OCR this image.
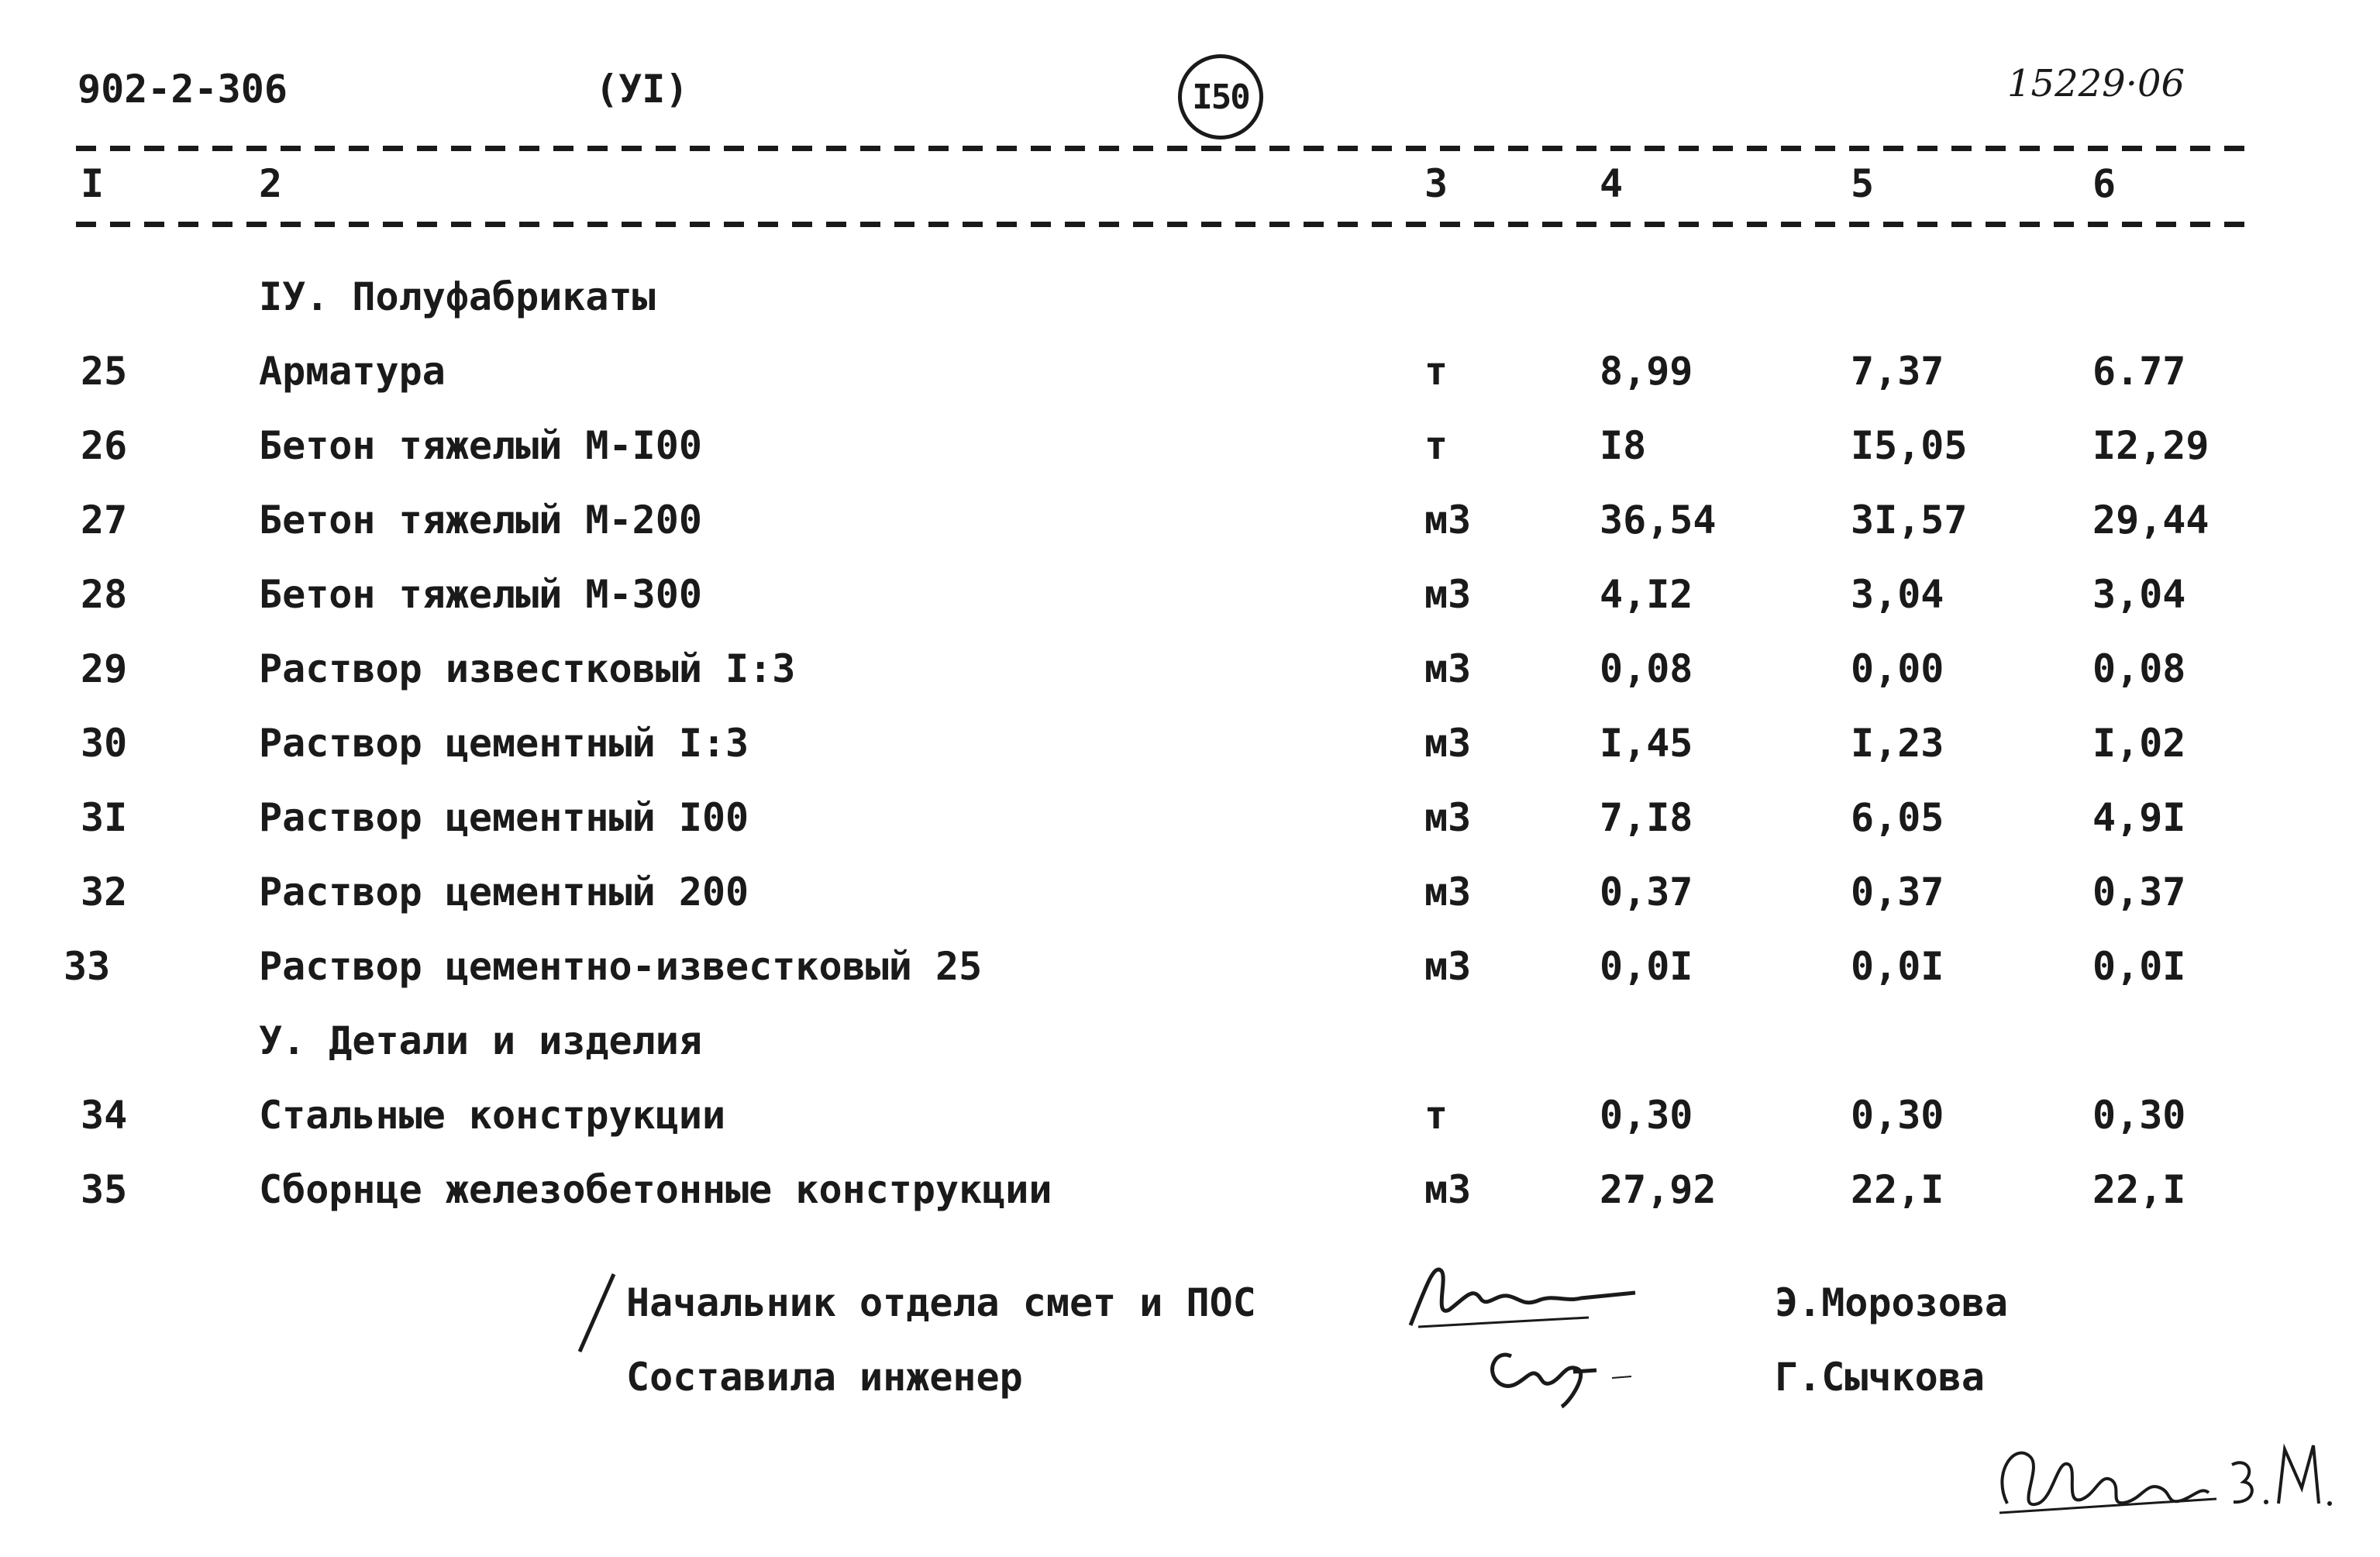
902-2-306	(УI)	I50	15229·06
I	2	3	4	5	6
IУ. Полуфабрикаты
25	Арматура	т	8,99	7,37	6.77
26	Бетон тяжелый М-I00	т	I8	I5,05	I2,29
27	Бетон тяжелый М-200	м3	36,54	3I,57	29,44
28	Бетон тяжелый М-300	м3	4,I2	3,04	3,04
29	Раствор известковый I:3	м3	0,08	0,00	0,08
30	Раствор цементный I:3	м3	I,45	I,23	I,02
3I	Раствор цементный I00	м3	7,I8	6,05	4,9I
32	Раствор цементный 200	м3	0,37	0,37	0,37
33	Раствор цементно-известковый 25	м3	0,0I	0,0I	0,0I
У. Детали и изделия
34	Стальные конструкции	т	0,30	0,30	0,30
35	Сборнце железобетонные конструкции	м3	27,92	22,I	22,I
Начальник отдела смет и ПОС
Составила инженер
Э.Морозова
Г.Сычкова
